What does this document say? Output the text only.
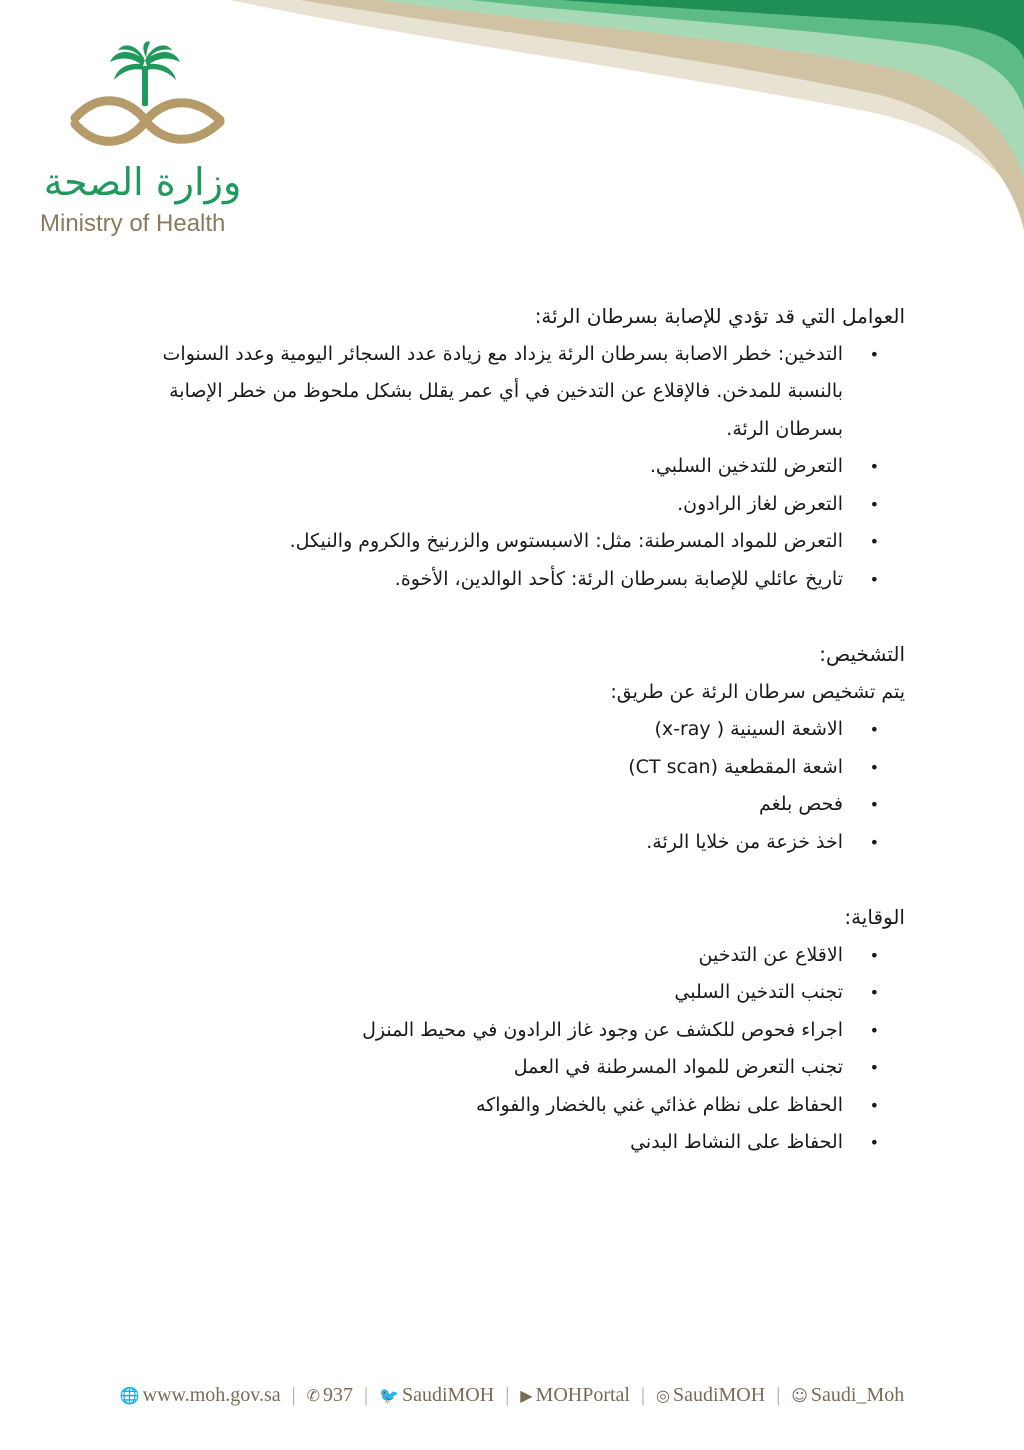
وزارة الصحة
Ministry of Health
العوامل التي قد تؤدي للإصابة بسرطان الرئة:
• التدخين: خطر الاصابة بسرطان الرئة يزداد مع زيادة عدد السجائر اليومية وعدد السنوات بالنسبة للمدخن. فالإقلاع عن التدخين في أي عمر يقلل بشكل ملحوظ من خطر الإصابة بسرطان الرئة.
• التعرض للتدخين السلبي.
• التعرض لغاز الرادون.
• التعرض للمواد المسرطنة: مثل: الاسبستوس والزرنيخ والكروم والنيكل.
• تاريخ عائلي للإصابة بسرطان الرئة: كأحد الوالدين، الأخوة.
التشخيص:

يتم تشخيص سرطان الرئة عن طريق:

• الاشعة السينية ( x-ray)
• اشعة المقطعية (CT scan)
• فحص بلغم
• اخذ خزعة من خلايا الرئة.
الوقاية:
• الاقلاع عن التدخين
• تجنب التدخين السلبي
• اجراء فحوص للكشف عن وجود غاز الرادون في محيط المنزل
• تجنب التعرض للمواد المسرطنة في العمل
• الحفاظ على نظام غذائي غني بالخضار والفواكه
• الحفاظ على النشاط البدني
🌐 www.moh.gov.sa | ✆ 937 | 🐦 SaudiMOH | ▶ MOHPortal | ◎ SaudiMOH | ☺ Saudi_Moh
